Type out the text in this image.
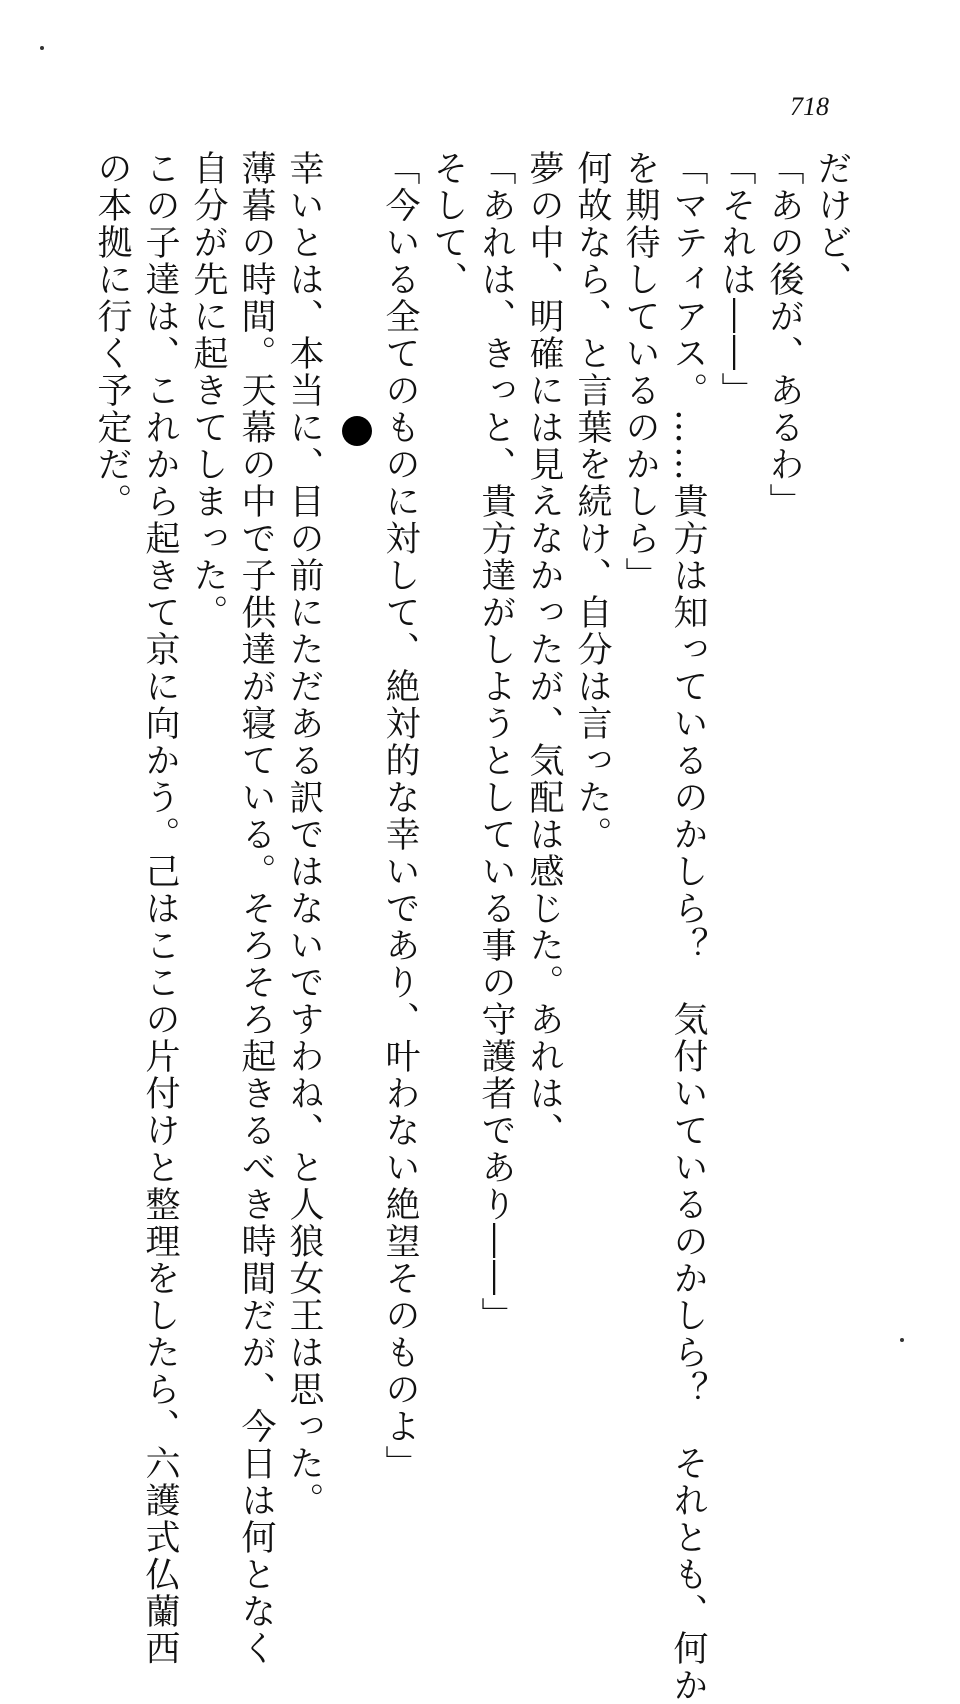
718
だけど、
「あの後が、あるわ」
「それは――」
「マティアス。……貴方は知っているのかしら？　気付いているのかしら？　それとも、何か
を期待しているのかしら」
何故なら、と言葉を続け、自分は言った。
夢の中、明確には見えなかったが、気配は感じた。あれは、
「あれは、きっと、貴方達がしようとしている事の守護者であり――」
そして、
「今いる全てのものに対して、絶対的な幸いであり、叶わない絶望そのものよ」
幸いとは、本当に、目の前にただある訳ではないですわね、と人狼女王は思った。
薄暮の時間。天幕の中で子供達が寝ている。そろそろ起きるべき時間だが、今日は何となく
自分が先に起きてしまった。
この子達は、これから起きて京に向かう。己はここの片付けと整理をしたら、六護式仏蘭西
の本拠に行く予定だ。
